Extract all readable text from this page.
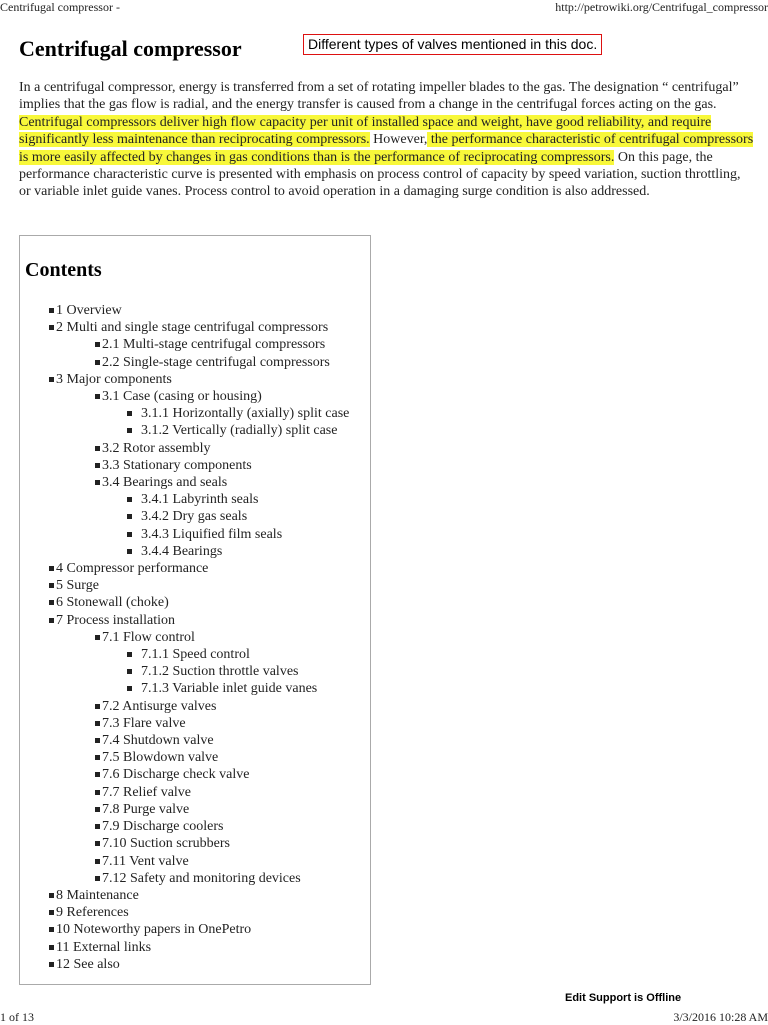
Centrifugal compressor -	http://petrowiki.org/Centrifugal_compressor
Centrifugal compressor	Different types of valves mentioned in this doc.

In a centrifugal compressor, energy is transferred from a set of rotating impeller blades to the gas. The designation “ centrifugal” implies that the gas flow is radial, and the energy transfer is caused from a change in the centrifugal forces acting on the gas. Centrifugal compressors deliver high flow capacity per unit of installed space and weight, have good reliability, and require significantly less maintenance than reciprocating compressors. However, the performance characteristic of centrifugal compressors is more easily affected by changes in gas conditions than is the performance of reciprocating compressors. On this page, the performance characteristic curve is presented with emphasis on process control of capacity by speed variation, suction throttling, or variable inlet guide vanes. Process control to avoid operation in a damaging surge condition is also addressed.

Contents
1 Overview
2 Multi and single stage centrifugal compressors
2.1 Multi-stage centrifugal compressors
2.2 Single-stage centrifugal compressors
3 Major components
3.1 Case (casing or housing)
3.1.1 Horizontally (axially) split case
3.1.2 Vertically (radially) split case
3.2 Rotor assembly
3.3 Stationary components
3.4 Bearings and seals
3.4.1 Labyrinth seals
3.4.2 Dry gas seals
3.4.3 Liquified film seals
3.4.4 Bearings
4 Compressor performance
5 Surge
6 Stonewall (choke)
7 Process installation
7.1 Flow control
7.1.1 Speed control
7.1.2 Suction throttle valves
7.1.3 Variable inlet guide vanes
7.2 Antisurge valves
7.3 Flare valve
7.4 Shutdown valve
7.5 Blowdown valve
7.6 Discharge check valve
7.7 Relief valve
7.8 Purge valve
7.9 Discharge coolers
7.10 Suction scrubbers
7.11 Vent valve
7.12 Safety and monitoring devices
8 Maintenance
9 References
10 Noteworthy papers in OnePetro
11 External links
12 See also
1 of 13
Edit Support is Offline
3/3/2016 10:28 AM
